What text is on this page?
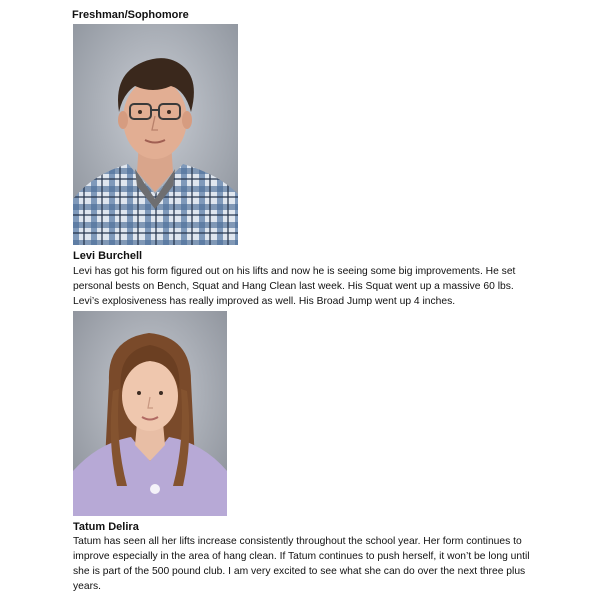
Freshman/Sophomore
Levi Burchell
Levi has got his form figured out on his lifts and now he is seeing some big improvements. He set personal bests on Bench, Squat and Hang Clean last week. His Squat went up a massive 60 lbs. Levi’s explosiveness has really improved as well. His Broad Jump went up 4 inches.
Tatum Delira
Tatum has seen all her lifts increase consistently throughout the school year. Her form continues to improve especially in the area of hang clean. If Tatum continues to push herself, it won’t be long until she is part of the 500 pound club. I am very excited to see what she can do over the next three plus years.
